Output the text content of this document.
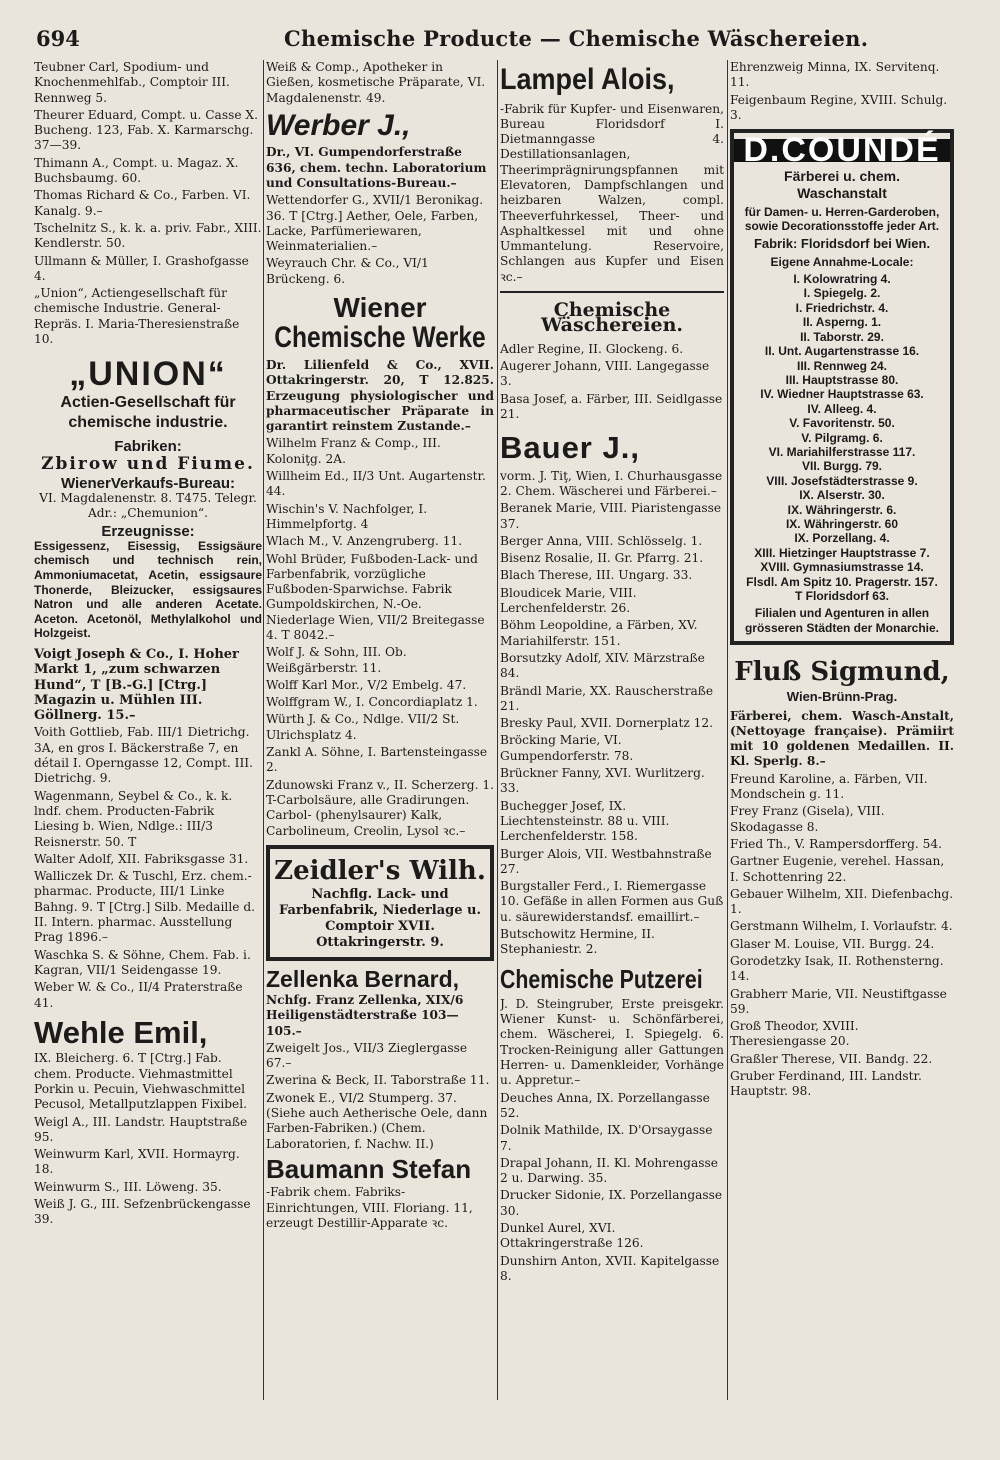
694	Chemische Producte — Chemische Wäschereien.
Teubner Carl, Spodium- und Knochenmehlfab., Comptoir III. Rennweg 5.
Theurer Eduard, Compt. u. Casse X. Bucheng. 123, Fab. X. Karmarschg. 37—39.
Thimann A., Compt. u. Magaz. X. Buchsbaumg. 60.
Thomas Richard & Co., Farben. VI. Kanalg. 9.–
Tschelnitz S., k. k. a. priv. Fabr., XIII. Kendlerstr. 50.
Ullmann & Müller, I. Grashofgasse 4.
„Union“, Actiengesellschaft für chemische Industrie. General-Repräs. I. Maria-Theresienstraße 10.
„UNION“
Actien-Gesellschaft für chemische industrie.
Fabriken:
Zbirow und Fiume.
WienerVerkaufs-Bureau:
VI. Magdalenenstr. 8. T475. Telegr. Adr.: „Chemunion“.
Erzeugnisse:
Essigessenz, Eisessig, Essigsäure chemisch und technisch rein, Ammoniumacetat, Acetin, essigsaure Thonerde, Bleizucker, essigsaures Natron und alle anderen Acetate. Aceton. Acetonöl, Methylalkohol und Holzgeist.
Voigt Joseph & Co., I. Hoher Markt 1, „zum schwarzen Hund“, T [B.-G.] [Ctrg.] Magazin u. Mühlen III. Göllnerg. 15.–
Voith Gottlieb, Fab. III/1 Dietrichg. 3A, en gros I. Bäckerstraße 7, en détail I. Operngasse 12, Compt. III. Dietrichg. 9.
Wagenmann, Seybel & Co., k. k. lndf. chem. Producten-Fabrik Liesing b. Wien, Ndlge.: III/3 Reisnerstr. 50. T
Walter Adolf, XII. Fabriksgasse 31.
Walliczek Dr. & Tuschl, Erz. chem.-pharmac. Producte, III/1 Linke Bahng. 9. T [Ctrg.] Silb. Medaille d. II. Intern. pharmac. Ausstellung Prag 1896.–
Waschka S. & Söhne, Chem. Fab. i. Kagran, VII/1 Seidengasse 19.
Weber W. & Co., II/4 Praterstraße 41.
Wehle Emil,
IX. Bleicherg. 6. T [Ctrg.] Fab. chem. Producte. Viehmastmittel Porkin u. Pecuin, Viehwaschmittel Pecusol, Metallputzlappen Fixibel.
Weigl A., III. Landstr. Hauptstraße 95.
Weinwurm Karl, XVII. Hormayrg. 18.
Weinwurm S., III. Löweng. 35.
Weiß J. G., III. Sefzenbrückengasse 39.
Weiß & Comp., Apotheker in Gießen, kosmetische Präparate, VI. Magdalenenstr. 49.
Werber J.,
Dr., VI. Gumpendorferstraße 636, chem. techn. Laboratorium und Consultations-Bureau.–
Wettendorfer G., XVII/1 Beronikag. 36. T [Ctrg.] Aether, Oele, Farben, Lacke, Parfümeriewaren, Weinmaterialien.–
Weyrauch Chr. & Co., VI/1 Brückeng. 6.
Wiener
Chemische Werke
Dr. Lilienfeld & Co., XVII. Ottakringerstr. 20, T 12.825. Erzeugung physiologischer und pharmaceutischer Präparate in garantirt reinstem Zustande.–
Wilhelm Franz & Comp., III. Koloniţg. 2A.
Willheim Ed., II/3 Unt. Augartenstr. 44.
Wischin's V. Nachfolger, I. Himmelpfortg. 4
Wlach M., V. Anzengruberg. 11.
Wohl Brüder, Fußboden-Lack- und Farbenfabrik, vorzügliche Fußboden-Sparwichse. Fabrik Gumpoldskirchen, N.-Oe. Niederlage Wien, VII/2 Breitegasse 4. T 8042.–
Wolf J. & Sohn, III. Ob. Weißgärberstr. 11.
Wolff Karl Mor., V/2 Embelg. 47.
Wolffgram W., I. Concordiaplatz 1.
Würth J. & Co., Ndlge. VII/2 St. Ulrichsplatz 4.
Zankl A. Söhne, I. Bartensteingasse 2.
Zdunowski Franz v., II. Scherzerg. 1. T-Carbolsäure, alle Gradirungen. Carbol- (phenylsaurer) Kalk, Carbolineum, Creolin, Lysol ꝛc.–
Zeidler's Wilh.
Nachflg. Lack- und Farbenfabrik, Niederlage u. Comptoir XVII. Ottakringerstr. 9.
Zellenka Bernard,
Nchfg. Franz Zellenka, XIX/6 Heiligenstädterstraße 103—105.–
Zweigelt Jos., VII/3 Zieglergasse 67.–
Zwerina & Beck, II. Taborstraße 11.
Zwonek E., VI/2 Stumperg. 37. (Siehe auch Aetherische Oele, dann Farben-Fabriken.) (Chem. Laboratorien, f. Nachw. II.)
Baumann Stefan
-Fabrik chem. Fabriks-Einrichtungen, VIII. Floriang. 11, erzeugt Destillir-Apparate ꝛc.
Lampel Alois,
-Fabrik für Kupfer- und Eisenwaren, Bureau Floridsdorf I. Dietmanngasse 4. Destillationsanlagen, Theerimprägnirungspfannen mit Elevatoren, Dampfschlangen und heizbaren Walzen, compl. Theeverfuhrkessel, Theer- und Asphaltkessel mit und ohne Ummantelung. Reservoire, Schlangen aus Kupfer und Eisen ꝛc.–
Chemische Wäschereien.
Adler Regine, II. Glockeng. 6.
Augerer Johann, VIII. Langegasse 3.
Basa Josef, a. Färber, III. Seidlgasse 21.
Bauer J.,
vorm. J. Tiţ, Wien, I. Churhausgasse 2. Chem. Wäscherei und Färberei.–
Beranek Marie, VIII. Piaristengasse 37.
Berger Anna, VIII. Schlösselg. 1.
Bisenz Rosalie, II. Gr. Pfarrg. 21.
Blach Therese, III. Ungarg. 33.
Bloudicek Marie, VIII. Lerchenfelderstr. 26.
Böhm Leopoldine, a Färben, XV. Mariahilferstr. 151.
Borsutzky Adolf, XIV. Märzstraße 84.
Brändl Marie, XX. Rauscherstraße 21.
Bresky Paul, XVII. Dornerplatz 12.
Bröcking Marie, VI. Gumpendorferstr. 78.
Brückner Fanny, XVI. Wurlitzerg. 33.
Buchegger Josef, IX. Liechtensteinstr. 88 u. VIII. Lerchenfelderstr. 158.
Burger Alois, VII. Westbahnstraße 27.
Burgstaller Ferd., I. Riemergasse 10. Gefäße in allen Formen aus Guß u. säurewiderstandsf. emaillirt.–
Butschowitz Hermine, II. Stephaniestr. 2.
Chemische Putzerei
J. D. Steingruber, Erste preisgekr. Wiener Kunst- u. Schönfärberei, chem. Wäscherei, I. Spiegelg. 6. Trocken-Reinigung aller Gattungen Herren- u. Damenkleider, Vorhänge u. Appretur.–
Deuches Anna, IX. Porzellangasse 52.
Dolnik Mathilde, IX. D'Orsaygasse 7.
Drapal Johann, II. Kl. Mohrengasse 2 u. Darwing. 35.
Drucker Sidonie, IX. Porzellangasse 30.
Dunkel Aurel, XVI. Ottakringerstraße 126.
Dunshirn Anton, XVII. Kapitelgasse 8.
Ehrenzweig Minna, IX. Servitenq. 11.
Feigenbaum Regine, XVIII. Schulg. 3.
D.COUNDÉ
Färberei u. chem. Waschanstalt
für Damen- u. Herren-Garderoben, sowie Decorationsstoffe jeder Art.
Fabrik: Floridsdorf bei Wien.
Eigene Annahme-Locale:
I. Kolowratring 4.
I. Spiegelg. 2.
I. Friedrichstr. 4.
II. Asperng. 1.
II. Taborstr. 29.
II. Unt. Augartenstrasse 16.
III. Rennweg 24.
III. Hauptstrasse 80.
IV. Wiedner Hauptstrasse 63.
IV. Alleeg. 4.
V. Favoritenstr. 50.
V. Pilgramg. 6.
VI. Mariahilferstrasse 117.
VII. Burgg. 79.
VIII. Josefstädterstrasse 9.
IX. Alserstr. 30.
IX. Währingerstr. 6.
IX. Währingerstr. 60
IX. Porzellang. 4.
XIII. Hietzinger Hauptstrasse 7.
XVIII. Gymnasiumstrasse 14.
Flsdl. Am Spitz 10. Pragerstr. 157.
T Floridsdorf 63.
Filialen und Agenturen in allen grösseren Städten der Monarchie.
Fluß Sigmund,
Wien-Brünn-Prag.
Färberei, chem. Wasch-Anstalt, (Nettoyage française). Prämiirt mit 10 goldenen Medaillen. II. Kl. Sperlg. 8.–
Freund Karoline, a. Färben, VII. Mondschein g. 11.
Frey Franz (Gisela), VIII. Skodagasse 8.
Fried Th., V. Rampersdorfferg. 54.
Gartner Eugenie, verehel. Hassan, I. Schottenring 22.
Gebauer Wilhelm, XII. Diefenbachg. 1.
Gerstmann Wilhelm, I. Vorlaufstr. 4.
Glaser M. Louise, VII. Burgg. 24.
Gorodetzky Isak, II. Rothensterng. 14.
Grabherr Marie, VII. Neustiftgasse 59.
Groß Theodor, XVIII. Theresiengasse 20.
Graßler Therese, VII. Bandg. 22.
Gruber Ferdinand, III. Landstr. Hauptstr. 98.
